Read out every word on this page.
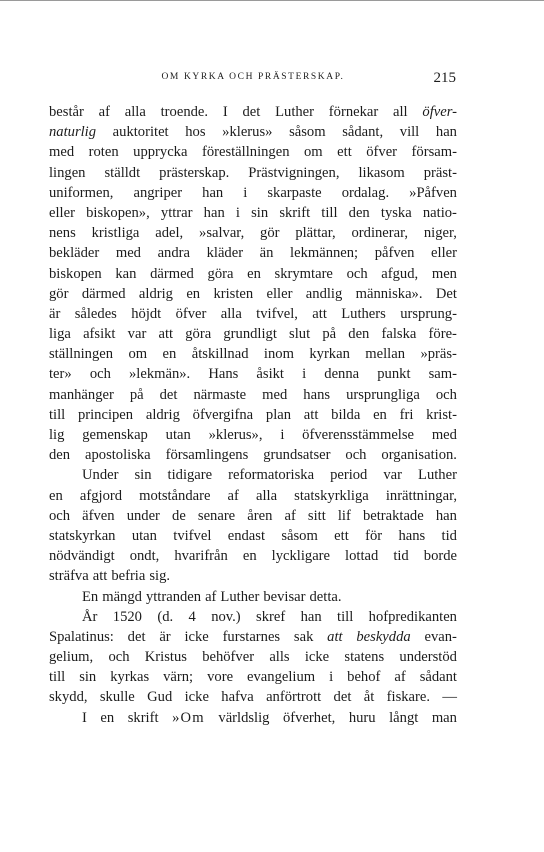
OM KYRKA OCH PRÄSTERSKAP.	215
består af alla troende. I det Luther förnekar all öfver-
naturlig auktoritet hos »klerus» såsom sådant, vill han
med roten upprycka föreställningen om ett öfver försam-
lingen ställdt prästerskap. Prästvigningen, likasom präst-
uniformen, angriper han i skarpaste ordalag. »Påfven
eller biskopen», yttrar han i sin skrift till den tyska natio-
nens kristliga adel, »salvar, gör plättar, ordinerar, niger,
bekläder med andra kläder än lekmännen; påfven eller
biskopen kan därmed göra en skrymtare och afgud, men
gör därmed aldrig en kristen eller andlig människa». Det
är således höjdt öfver alla tvifvel, att Luthers ursprung-
liga afsikt var att göra grundligt slut på den falska före-
ställningen om en åtskillnad inom kyrkan mellan »präs-
ter» och »lekmän». Hans åsikt i denna punkt sam-
manhänger på det närmaste med hans ursprungliga och
till principen aldrig öfvergifna plan att bilda en fri krist-
lig gemenskap utan »klerus», i öfverensstämmelse med
den apostoliska församlingens grundsatser och organisation.
Under sin tidigare reformatoriska period var Luther
en afgjord motståndare af alla statskyrkliga inrättningar,
och äfven under de senare åren af sitt lif betraktade han
statskyrkan utan tvifvel endast såsom ett för hans tid
nödvändigt ondt, hvarifrån en lyckligare lottad tid borde
sträfva att befria sig.
En mängd yttranden af Luther bevisar detta.
År 1520 (d. 4 nov.) skref han till hofpredikanten
Spalatinus: det är icke furstarnes sak att beskydda evan-
gelium, och Kristus behöfver alls icke statens understöd
till sin kyrkas värn; vore evangelium i behof af sådant
skydd, skulle Gud icke hafva anförtrott det åt fiskare. —
I en skrift »Om världslig öfverhet, huru långt man
